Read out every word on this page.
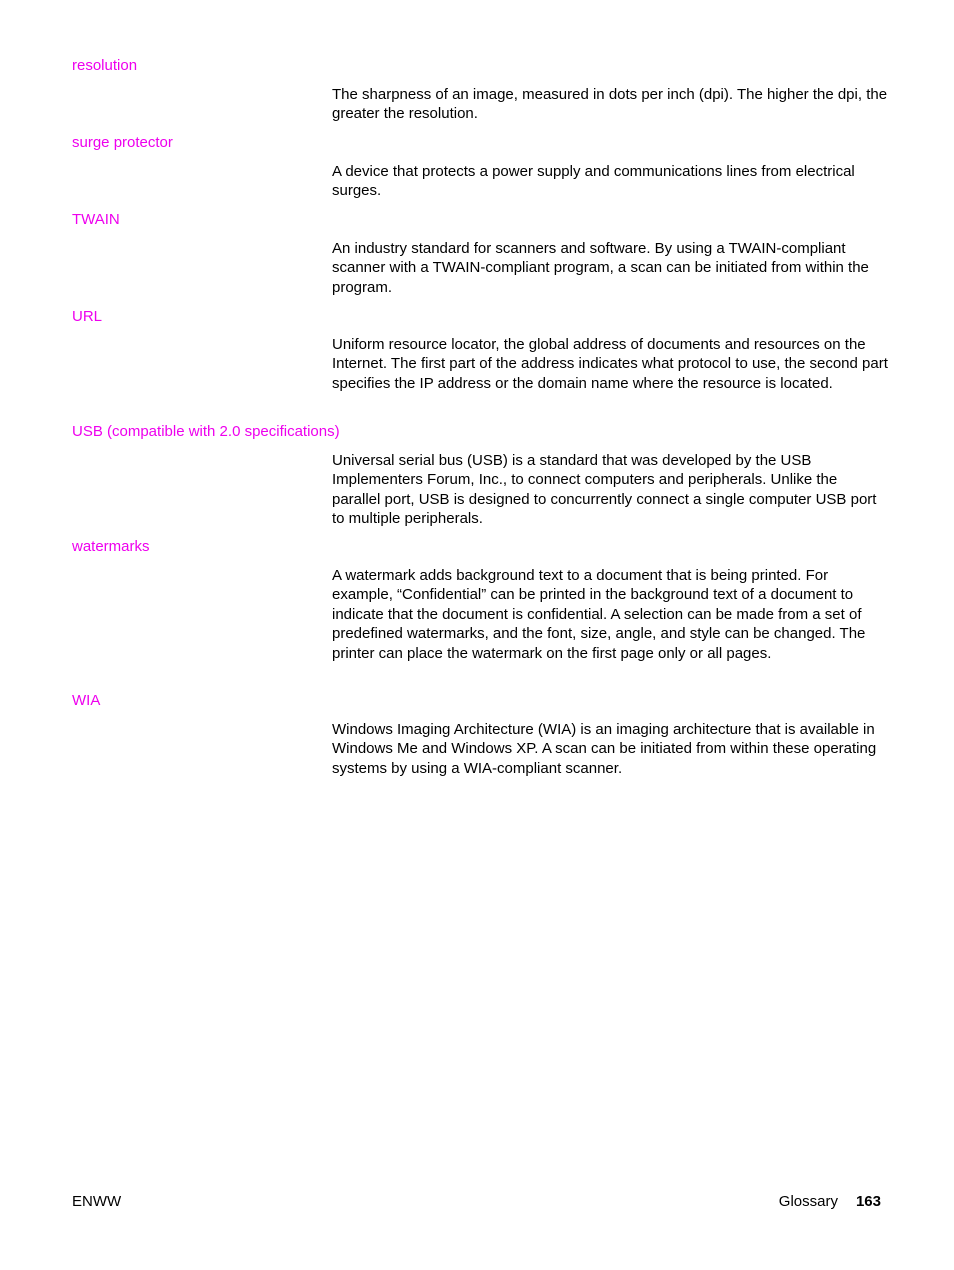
resolution
The sharpness of an image, measured in dots per inch (dpi). The higher the dpi, the greater the resolution.
surge protector
A device that protects a power supply and communications lines from electrical surges.
TWAIN
An industry standard for scanners and software. By using a TWAIN-compliant scanner with a TWAIN-compliant program, a scan can be initiated from within the program.
URL
Uniform resource locator, the global address of documents and resources on the Internet. The first part of the address indicates what protocol to use, the second part specifies the IP address or the domain name where the resource is located.
USB (compatible with 2.0 specifications)
Universal serial bus (USB) is a standard that was developed by the USB Implementers Forum, Inc., to connect computers and peripherals. Unlike the parallel port, USB is designed to concurrently connect a single computer USB port to multiple peripherals.
watermarks
A watermark adds background text to a document that is being printed. For example, “Confidential” can be printed in the background text of a document to indicate that the document is confidential. A selection can be made from a set of predefined watermarks, and the font, size, angle, and style can be changed. The printer can place the watermark on the first page only or all pages.
WIA
Windows Imaging Architecture (WIA) is an imaging architecture that is available in Windows Me and Windows XP. A scan can be initiated from within these operating systems by using a WIA-compliant scanner.
ENWW	Glossary 163
